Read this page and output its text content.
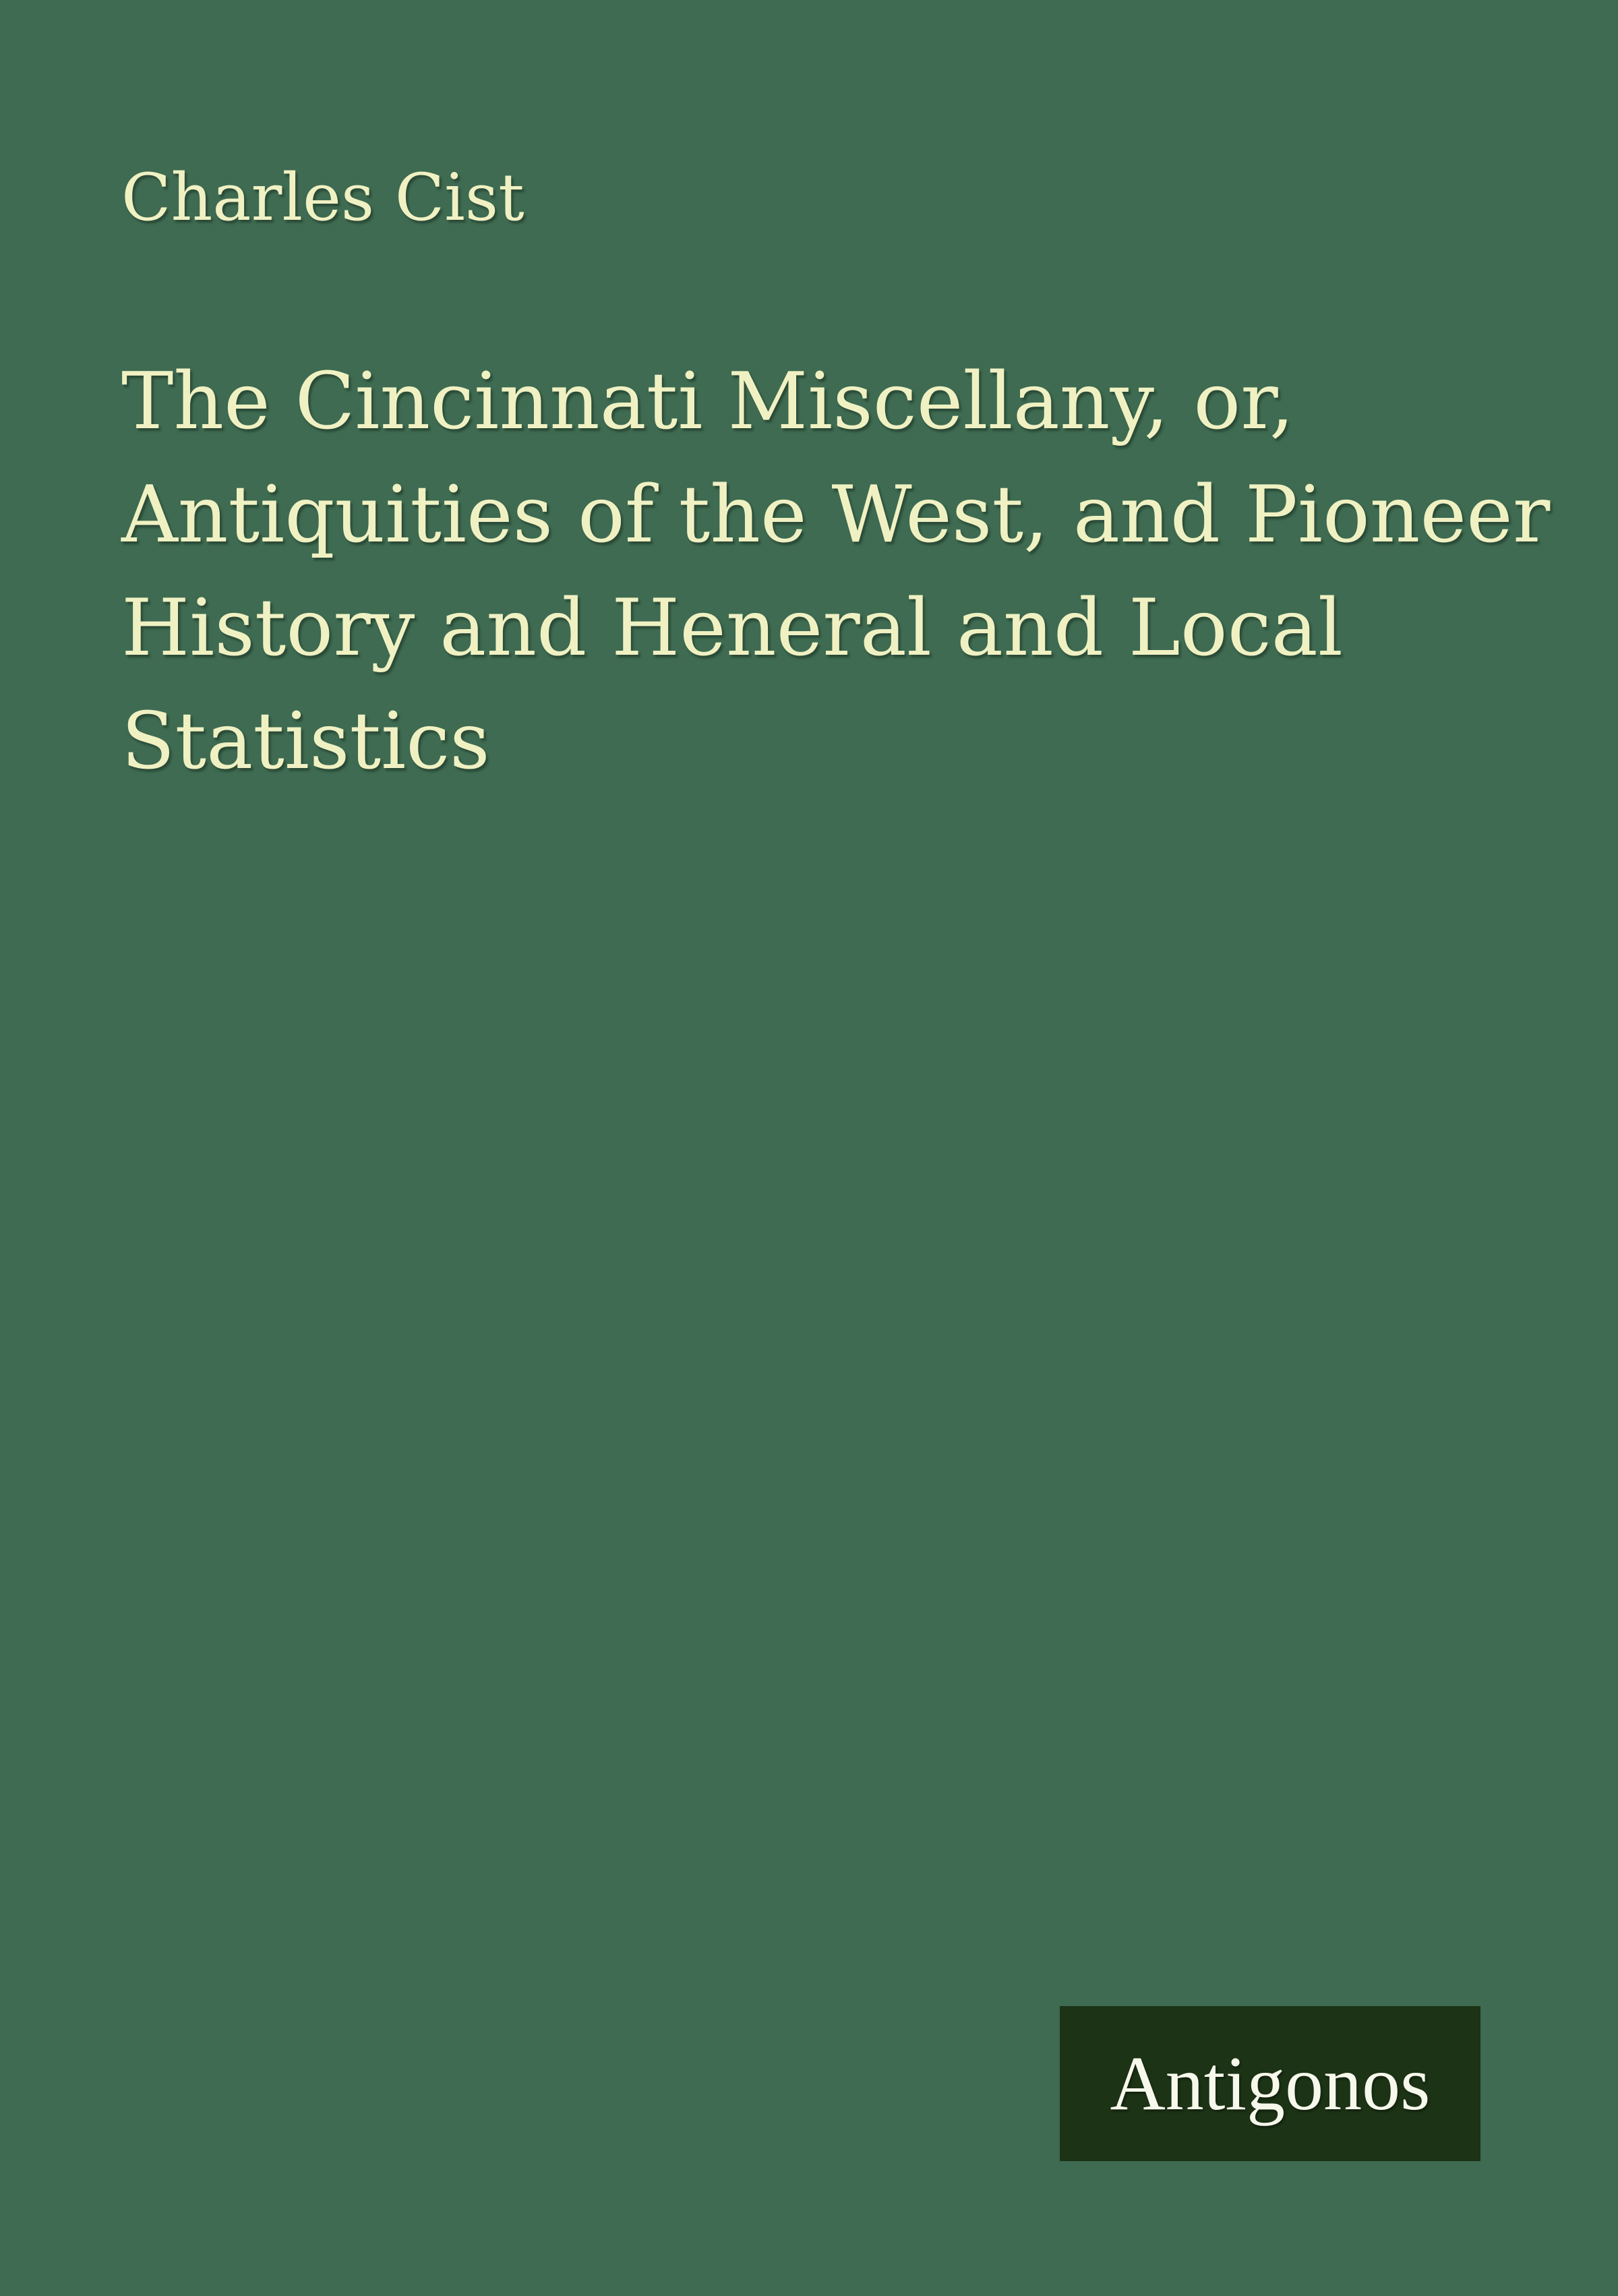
Charles Cist
The Cincinnati Miscellany, or,
Antiquities of the West, and Pioneer
History and Heneral and Local
Statistics
Antigonos
